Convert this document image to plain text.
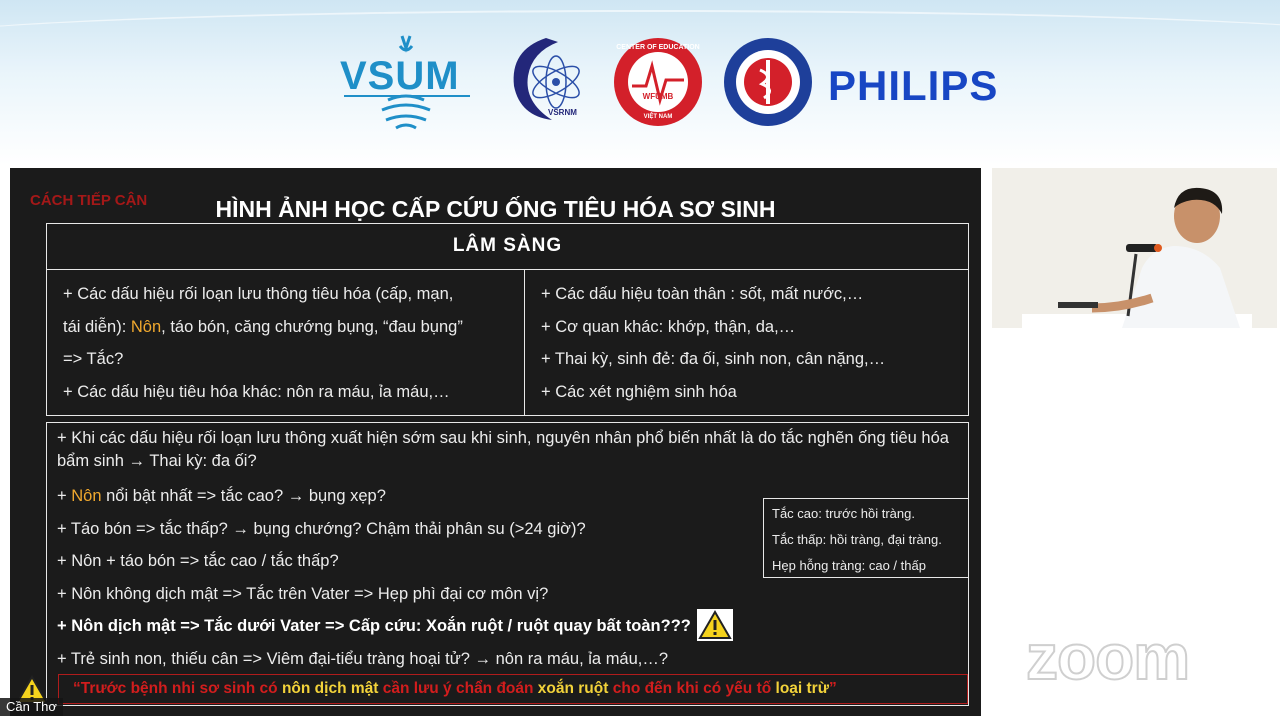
VSUM
VSRNM
CENTER OF EDUCATION
WFUMB
VIỆT NAM
PHILIPS
CÁCH TIẾP CẬN	HÌNH ẢNH HỌC CẤP CỨU ỐNG TIÊU HÓA SƠ SINH
LÂM SÀNG
+ Các dấu hiệu rối loạn lưu thông tiêu hóa (cấp, mạn,
tái diễn): Nôn, táo bón, căng chướng bụng, “đau bụng”
=> Tắc?
+ Các dấu hiệu tiêu hóa khác: nôn ra máu, ỉa máu,…
+ Các dấu hiệu toàn thân : sốt, mất nước,…
+ Cơ quan khác: khớp, thận, da,…
+ Thai kỳ, sinh đẻ: đa ối, sinh non, cân nặng,…
+ Các xét nghiệm sinh hóa
+ Khi các dấu hiệu rối loạn lưu thông xuất hiện sớm sau khi sinh, nguyên nhân phổ biến nhất là do tắc nghẽn ống tiêu hóa bẩm sinh → Thai kỳ: đa ối?
+ Nôn nổi bật nhất => tắc cao? → bụng xẹp?
+ Táo bón => tắc thấp? → bụng chướng? Chậm thải phân su (>24 giờ)?
+ Nôn + táo bón => tắc cao / tắc thấp?
+ Nôn không dịch mật => Tắc trên Vater => Hẹp phì đại cơ môn vị?
+ Nôn dịch mật => Tắc dưới Vater => Cấp cứu: Xoắn ruột / ruột quay bất toàn???
+ Trẻ sinh non, thiếu cân => Viêm đại-tiểu tràng hoại tử? → nôn ra máu, ỉa máu,…?
Tắc cao: trước hồi tràng.
Tắc thấp: hồi tràng, đại tràng.
Hẹp hỗng tràng: cao / thấp
“Trước bệnh nhi sơ sinh có nôn dịch mật cần lưu ý chẩn đoán xoắn ruột cho đến khi có yếu tố loại trừ”	zoom
Cần Thơ
